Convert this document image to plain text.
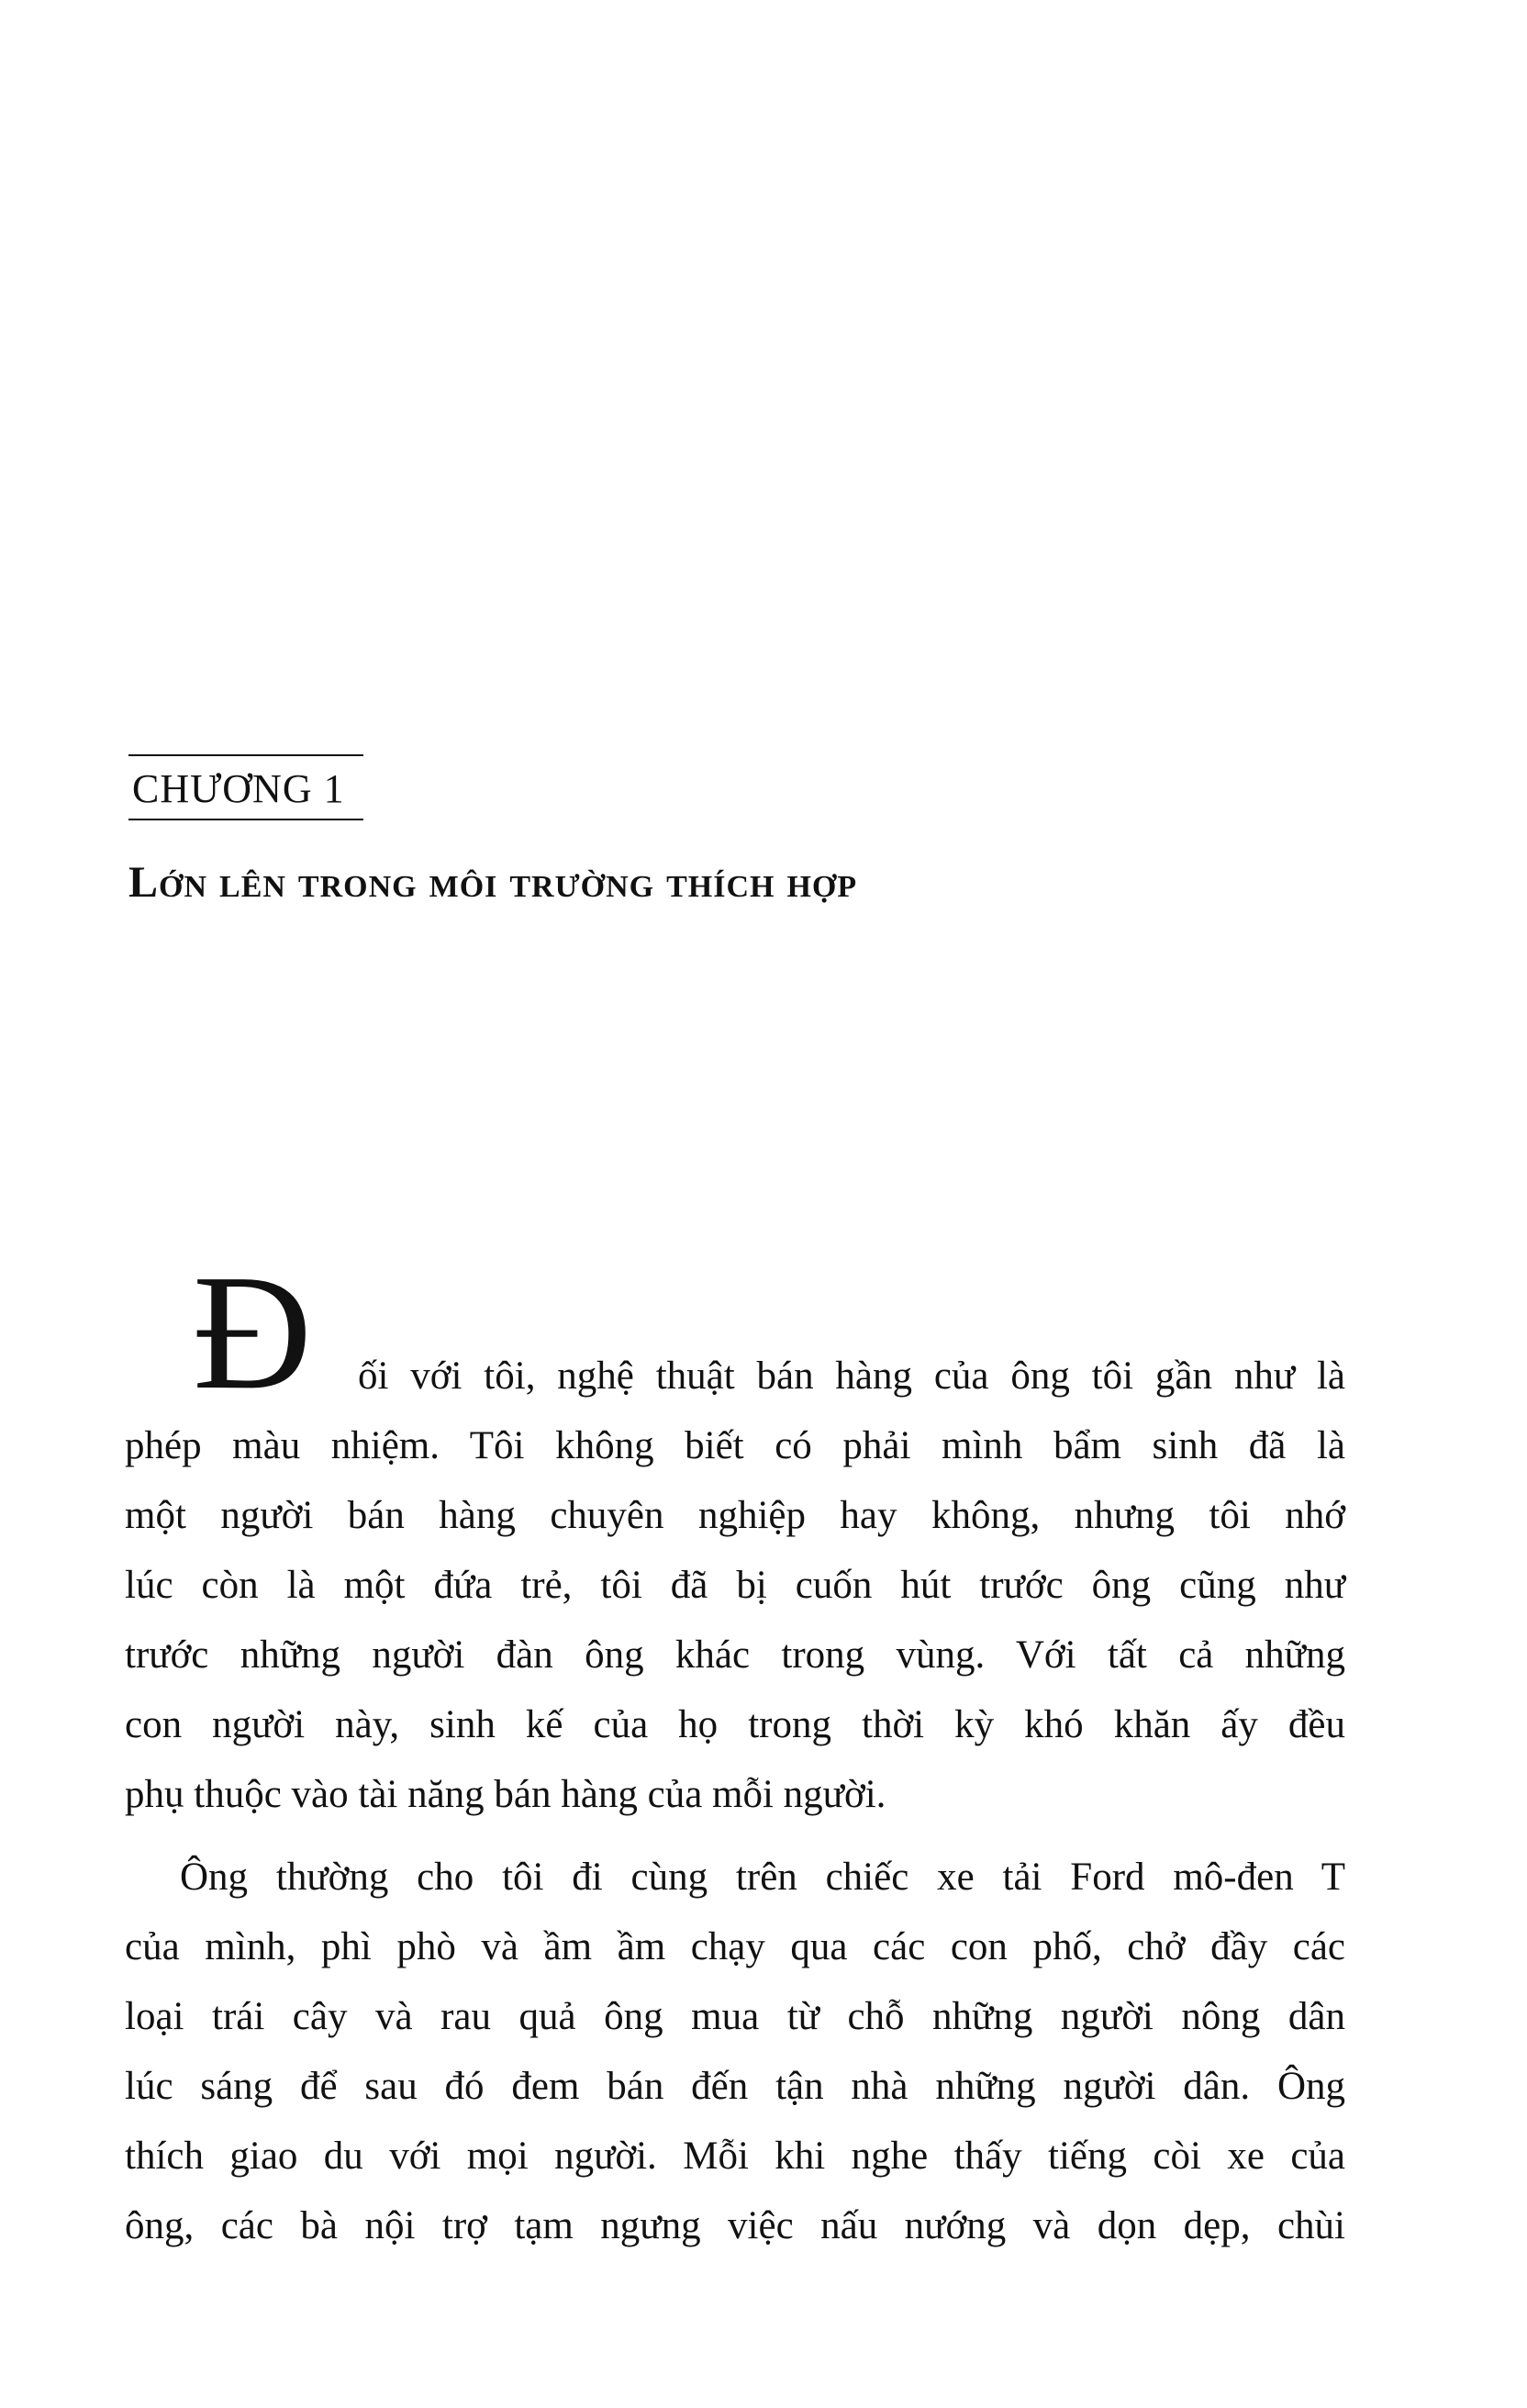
CHƯƠNG 1
Lớn lên trong môi trường thích hợp
Đ	ối với tôi, nghệ thuật bán hàng của ông tôi gần như là
phép màu nhiệm. Tôi không biết có phải mình bẩm sinh đã là
một người bán hàng chuyên nghiệp hay không, nhưng tôi nhớ
lúc còn là một đứa trẻ, tôi đã bị cuốn hút trước ông cũng như
trước những người đàn ông khác trong vùng. Với tất cả những
con người này, sinh kế của họ trong thời kỳ khó khăn ấy đều
phụ thuộc vào tài năng bán hàng của mỗi người.
Ông thường cho tôi đi cùng trên chiếc xe tải Ford mô-đen T
của mình, phì phò và ầm ầm chạy qua các con phố, chở đầy các
loại trái cây và rau quả ông mua từ chỗ những người nông dân
lúc sáng để sau đó đem bán đến tận nhà những người dân. Ông
thích giao du với mọi người. Mỗi khi nghe thấy tiếng còi xe của
ông, các bà nội trợ tạm ngưng việc nấu nướng và dọn dẹp, chùi
